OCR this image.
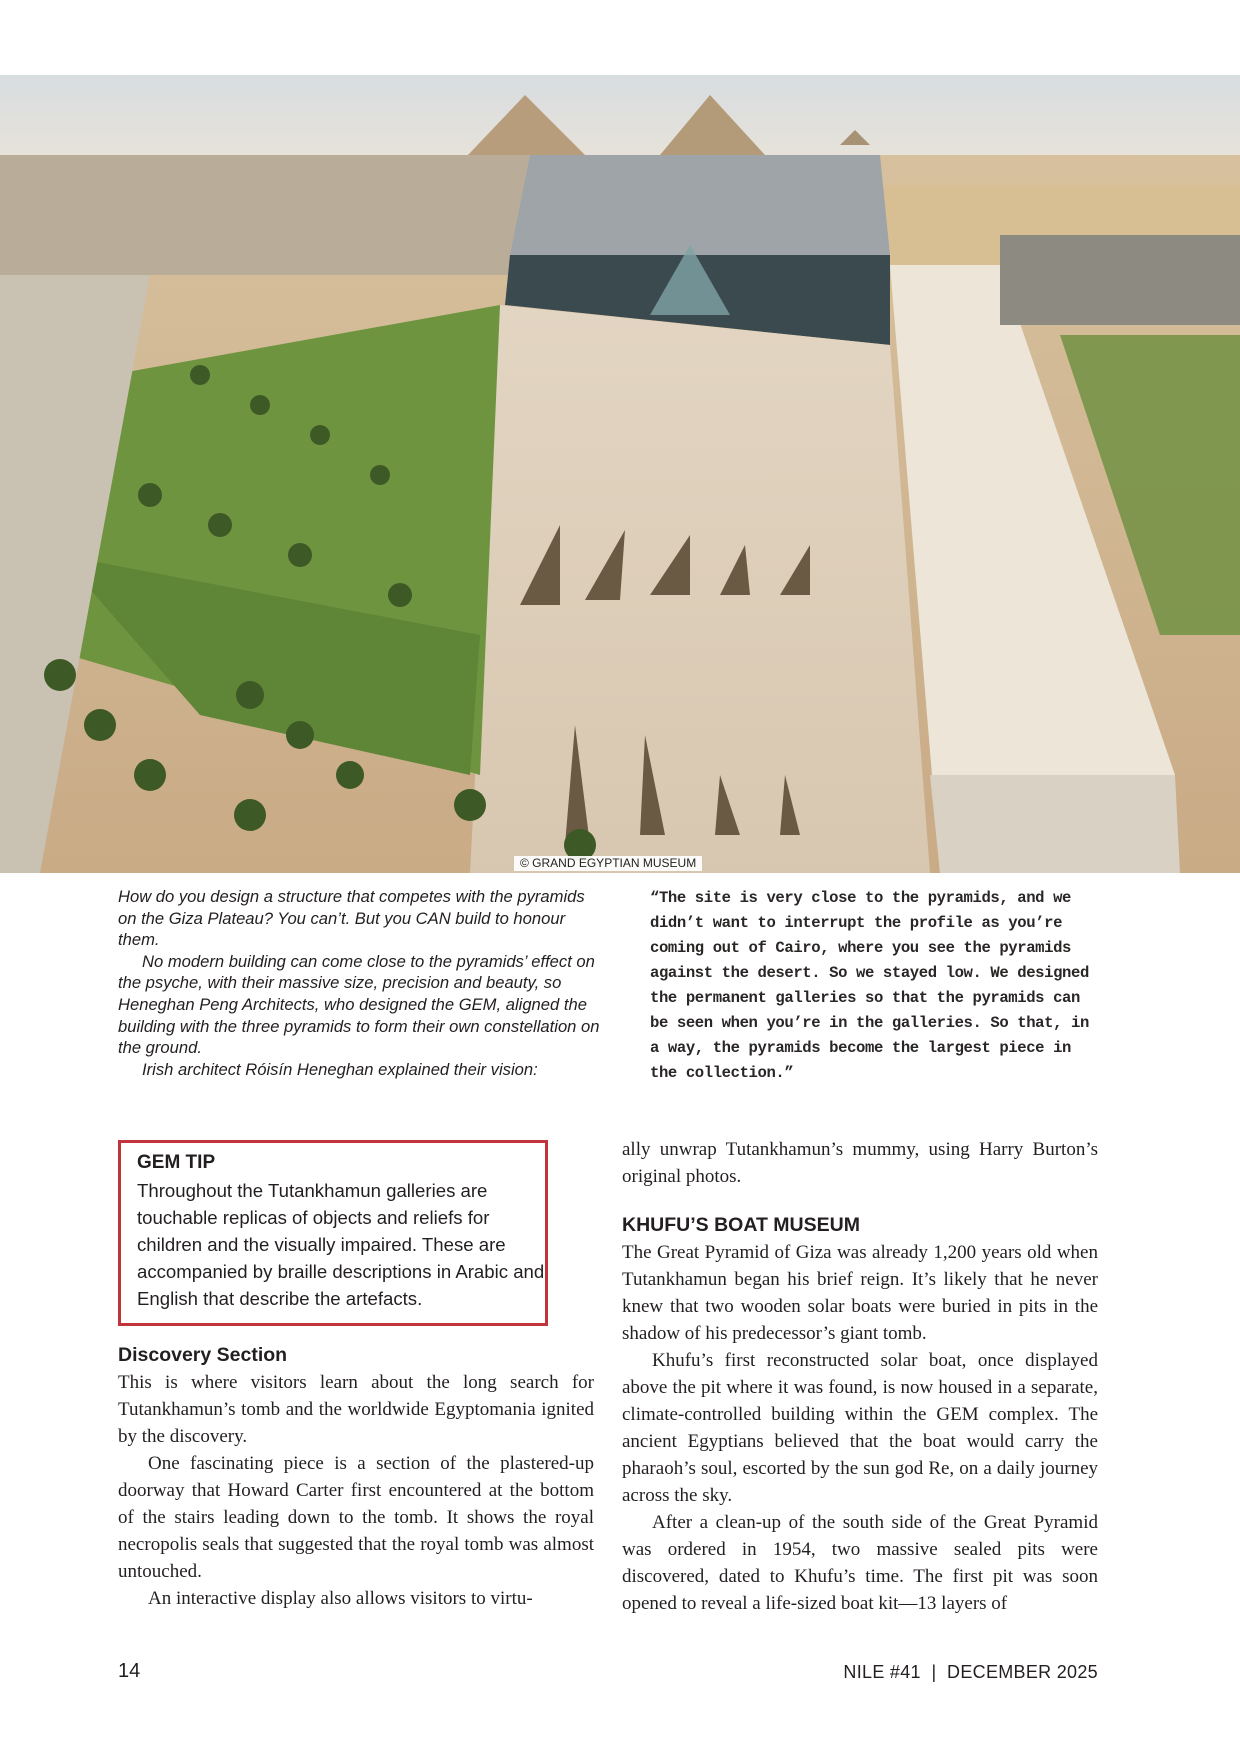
© GRAND EGYPTIAN MUSEUM

How do you design a structure that competes with the pyramids on the Giza Plateau? You can’t. But you CAN build to honour them.

No modern building can come close to the pyramids’ effect on the psyche, with their massive size, precision and beauty, so Heneghan Peng Architects, who designed the GEM, aligned the building with the three pyramids to form their own constellation on the ground.

Irish architect Róisín Heneghan explained their vision:

“The site is very close to the pyramids, and we didn’t want to interrupt the profile as you’re coming out of Cairo, where you see the pyramids against the desert. So we stayed low. We designed the permanent galleries so that the pyramids can be seen when you’re in the galleries. So that, in a way, the pyramids become the largest piece in the collection.”
GEM TIP

Throughout the Tutankhamun galleries are touchable replicas of objects and reliefs for children and the visually impaired. These are accompanied by braille descriptions in Arabic and English that describe the artefacts.

Discovery Section

This is where visitors learn about the long search for Tutankhamun’s tomb and the worldwide Egyptomania ignited by the discovery.

One fascinating piece is a section of the plastered-up doorway that Howard Carter first encountered at the bottom of the stairs leading down to the tomb. It shows the royal necropolis seals that suggested that the royal tomb was almost untouched.

An interactive display also allows visitors to virtu-

ally unwrap Tutankhamun’s mummy, using Harry Burton’s original photos.

KHUFU’S BOAT MUSEUM

The Great Pyramid of Giza was already 1,200 years old when Tutankhamun began his brief reign. It’s likely that he never knew that two wooden solar boats were buried in pits in the shadow of his predecessor’s giant tomb.

Khufu’s first reconstructed solar boat, once displayed above the pit where it was found, is now housed in a separate, climate-controlled building within the GEM complex. The ancient Egyptians believed that the boat would carry the pharaoh’s soul, escorted by the sun god Re, on a daily journey across the sky.

After a clean-up of the south side of the Great Pyramid was ordered in 1954, two massive sealed pits were discovered, dated to Khufu’s time. The first pit was soon opened to reveal a life-sized boat kit—13 layers of

14	NILE #41  |  DECEMBER 2025
